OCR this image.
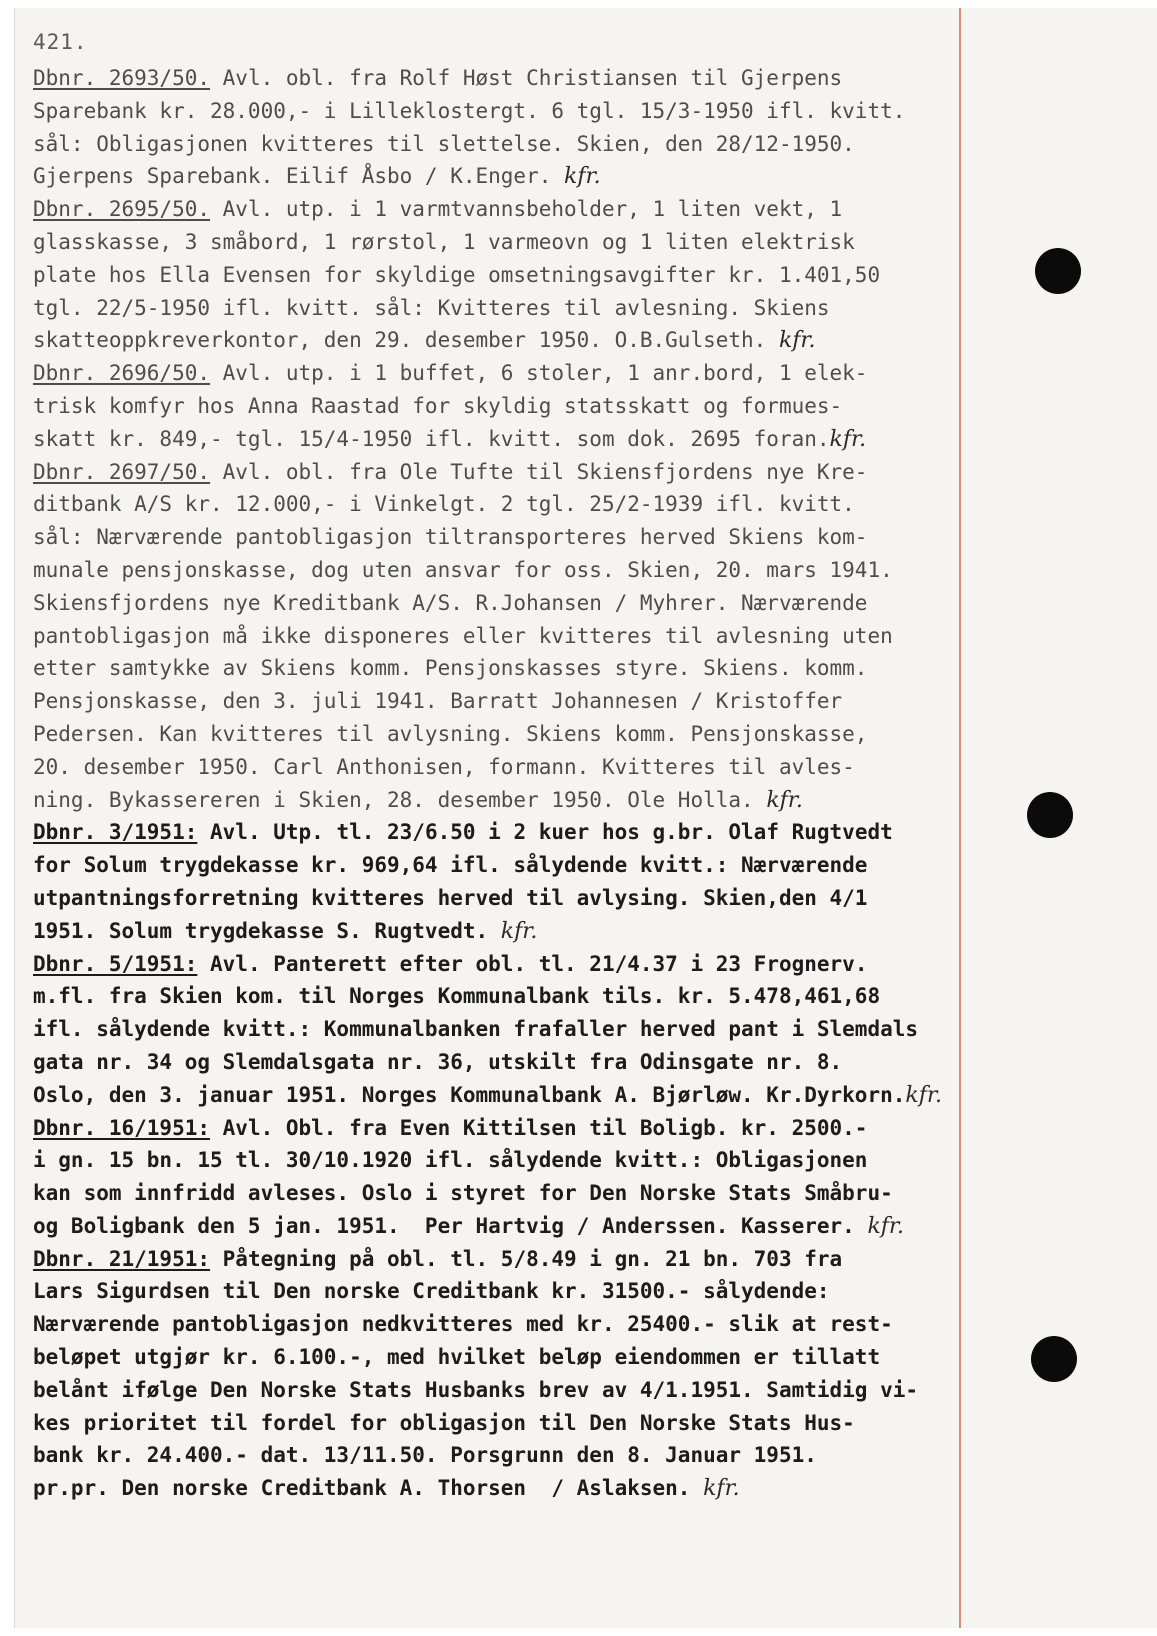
421.
Dbnr. 2693/50. Avl. obl. fra Rolf Høst Christiansen til Gjerpens
Sparebank kr. 28.000,- i Lilleklostergt. 6 tgl. 15/3-1950 ifl. kvitt.
sål: Obligasjonen kvitteres til slettelse. Skien, den 28/12-1950.
Gjerpens Sparebank. Eilif Åsbo / K.Enger. kfr.
Dbnr. 2695/50. Avl. utp. i 1 varmtvannsbeholder, 1 liten vekt, 1
glasskasse, 3 småbord, 1 rørstol, 1 varmeovn og 1 liten elektrisk
plate hos Ella Evensen for skyldige omsetningsavgifter kr. 1.401,50
tgl. 22/5-1950 ifl. kvitt. sål: Kvitteres til avlesning. Skiens
skatteoppkreverkontor, den 29. desember 1950. O.B.Gulseth. kfr.
Dbnr. 2696/50. Avl. utp. i 1 buffet, 6 stoler, 1 anr.bord, 1 elek-
trisk komfyr hos Anna Raastad for skyldig statsskatt og formues-
skatt kr. 849,- tgl. 15/4-1950 ifl. kvitt. som dok. 2695 foran.kfr.
Dbnr. 2697/50. Avl. obl. fra Ole Tufte til Skiensfjordens nye Kre-
ditbank A/S kr. 12.000,- i Vinkelgt. 2 tgl. 25/2-1939 ifl. kvitt.
sål: Nærværende pantobligasjon tiltransporteres herved Skiens kom-
munale pensjonskasse, dog uten ansvar for oss. Skien, 20. mars 1941.
Skiensfjordens nye Kreditbank A/S. R.Johansen / Myhrer. Nærværende
pantobligasjon må ikke disponeres eller kvitteres til avlesning uten
etter samtykke av Skiens komm. Pensjonskasses styre. Skiens. komm.
Pensjonskasse, den 3. juli 1941. Barratt Johannesen / Kristoffer
Pedersen. Kan kvitteres til avlysning. Skiens komm. Pensjonskasse,
20. desember 1950. Carl Anthonisen, formann. Kvitteres til avles-
ning. Bykassereren i Skien, 28. desember 1950. Ole Holla. kfr.
Dbnr. 3/1951: Avl. Utp. tl. 23/6.50 i 2 kuer hos g.br. Olaf Rugtvedt
for Solum trygdekasse kr. 969,64 ifl. sålydende kvitt.: Nærværende
utpantningsforretning kvitteres herved til avlysing. Skien,den 4/1
1951. Solum trygdekasse S. Rugtvedt. kfr.
Dbnr. 5/1951: Avl. Panterett efter obl. tl. 21/4.37 i 23 Frognerv.
m.fl. fra Skien kom. til Norges Kommunalbank tils. kr. 5.478,461,68
ifl. sålydende kvitt.: Kommunalbanken frafaller herved pant i Slemdals
gata nr. 34 og Slemdalsgata nr. 36, utskilt fra Odinsgate nr. 8.
Oslo, den 3. januar 1951. Norges Kommunalbank A. Bjørløw. Kr.Dyrkorn.kfr.
Dbnr. 16/1951: Avl. Obl. fra Even Kittilsen til Boligb. kr. 2500.-
i gn. 15 bn. 15 tl. 30/10.1920 ifl. sålydende kvitt.: Obligasjonen
kan som innfridd avleses. Oslo i styret for Den Norske Stats Småbru-
og Boligbank den 5 jan. 1951.  Per Hartvig / Anderssen. Kasserer. kfr.
Dbnr. 21/1951: Påtegning på obl. tl. 5/8.49 i gn. 21 bn. 703 fra
Lars Sigurdsen til Den norske Creditbank kr. 31500.- sålydende:
Nærværende pantobligasjon nedkvitteres med kr. 25400.- slik at rest-
beløpet utgjør kr. 6.100.-, med hvilket beløp eiendommen er tillatt
belånt ifølge Den Norske Stats Husbanks brev av 4/1.1951. Samtidig vi-
kes prioritet til fordel for obligasjon til Den Norske Stats Hus-
bank kr. 24.400.- dat. 13/11.50. Porsgrunn den 8. Januar 1951.
pr.pr. Den norske Creditbank A. Thorsen  / Aslaksen. kfr.
